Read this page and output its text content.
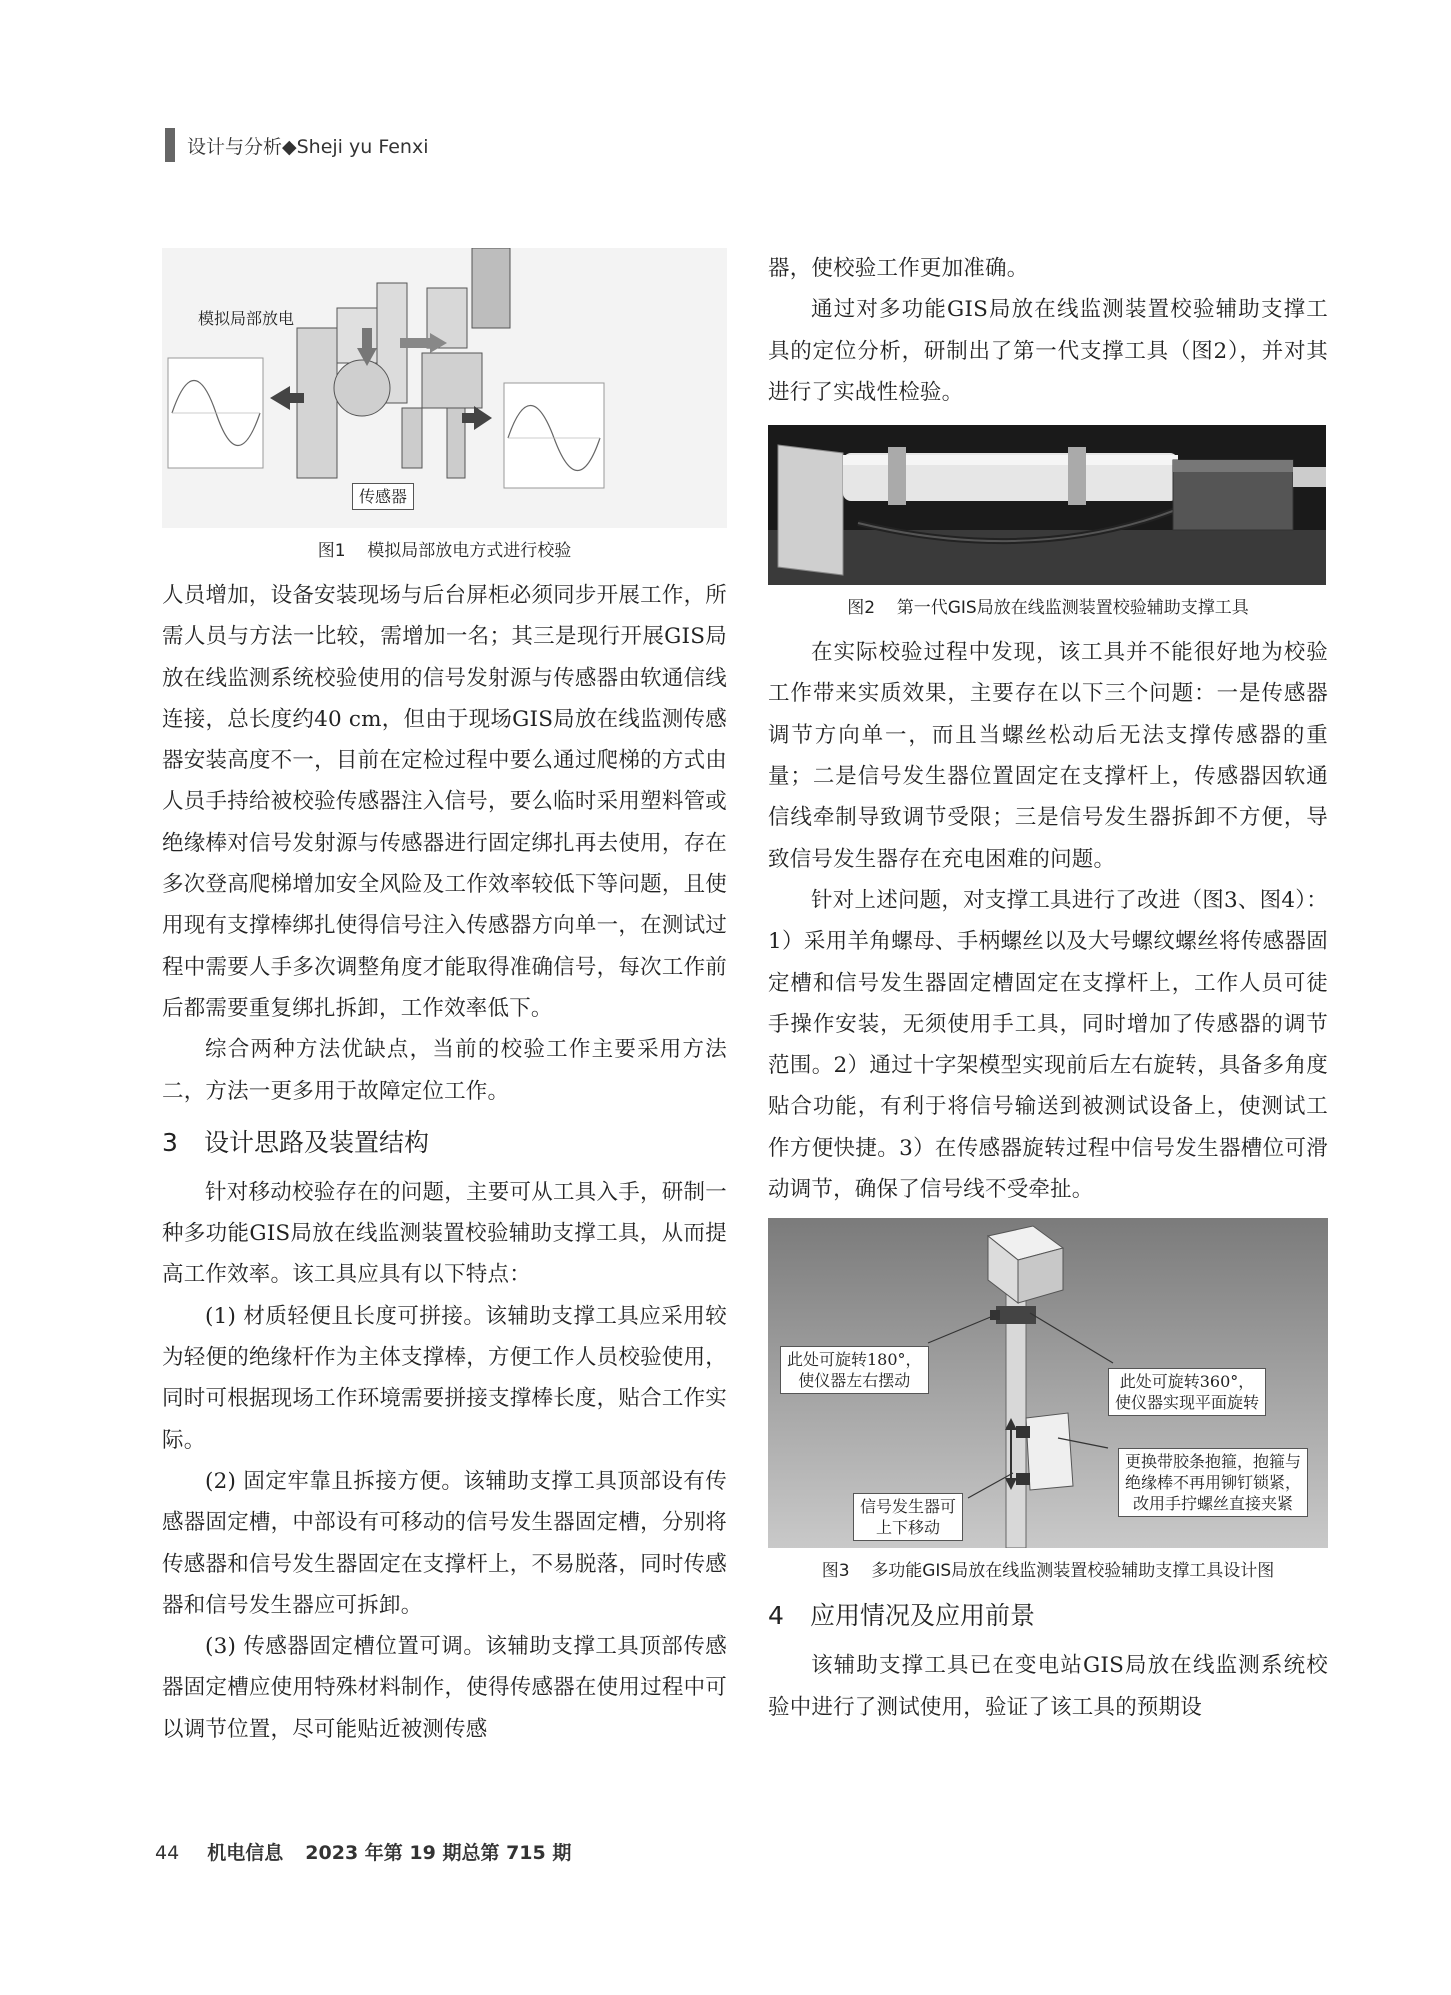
设计与分析◆Sheji yu Fenxi
模拟局部放电
传感器
图1 模拟局部放电方式进行校验

人员增加，设备安装现场与后台屏柜必须同步开展工作，所需人员与方法一比较，需增加一名；其三是现行开展GIS局放在线监测系统校验使用的信号发射源与传感器由软通信线连接，总长度约40 cm，但由于现场GIS局放在线监测传感器安装高度不一，目前在定检过程中要么通过爬梯的方式由人员手持给被校验传感器注入信号，要么临时采用塑料管或绝缘棒对信号发射源与传感器进行固定绑扎再去使用，存在多次登高爬梯增加安全风险及工作效率较低下等问题，且使用现有支撑棒绑扎使得信号注入传感器方向单一，在测试过程中需要人手多次调整角度才能取得准确信号，每次工作前后都需要重复绑扎拆卸，工作效率低下。

综合两种方法优缺点，当前的校验工作主要采用方法二，方法一更多用于故障定位工作。

3 设计思路及装置结构

针对移动校验存在的问题，主要可从工具入手，研制一种多功能GIS局放在线监测装置校验辅助支撑工具，从而提高工作效率。该工具应具有以下特点：

(1) 材质轻便且长度可拼接。该辅助支撑工具应采用较为轻便的绝缘杆作为主体支撑棒，方便工作人员校验使用，同时可根据现场工作环境需要拼接支撑棒长度，贴合工作实际。

(2) 固定牢靠且拆接方便。该辅助支撑工具顶部设有传感器固定槽，中部设有可移动的信号发生器固定槽，分别将传感器和信号发生器固定在支撑杆上，不易脱落，同时传感器和信号发生器应可拆卸。

(3) 传感器固定槽位置可调。该辅助支撑工具顶部传感器固定槽应使用特殊材料制作，使得传感器在使用过程中可以调节位置，尽可能贴近被测传感

器，使校验工作更加准确。

通过对多功能GIS局放在线监测装置校验辅助支撑工具的定位分析，研制出了第一代支撑工具（图2），并对其进行了实战性检验。

图2 第一代GIS局放在线监测装置校验辅助支撑工具

在实际校验过程中发现，该工具并不能很好地为校验工作带来实质效果，主要存在以下三个问题：一是传感器调节方向单一，而且当螺丝松动后无法支撑传感器的重量；二是信号发生器位置固定在支撑杆上，传感器因软通信线牵制导致调节受限；三是信号发生器拆卸不方便，导致信号发生器存在充电困难的问题。

针对上述问题，对支撑工具进行了改进（图3、图4）：1）采用羊角螺母、手柄螺丝以及大号螺纹螺丝将传感器固定槽和信号发生器固定槽固定在支撑杆上，工作人员可徒手操作安装，无须使用手工具，同时增加了传感器的调节范围。2）通过十字架模型实现前后左右旋转，具备多角度贴合功能，有利于将信号输送到被测试设备上，使测试工作方便快捷。3）在传感器旋转过程中信号发生器槽位可滑动调节，确保了信号线不受牵扯。

此处可旋转180°，
使仪器左右摆动	此处可旋转360°，
使仪器实现平面旋转
更换带胶条抱箍，抱箍与
绝缘棒不再用铆钉锁紧，
改用手拧螺丝直接夹紧
信号发生器可
上下移动
图3 多功能GIS局放在线监测装置校验辅助支撑工具设计图
4 应用情况及应用前景

该辅助支撑工具已在变电站GIS局放在线监测系统校验中进行了测试使用，验证了该工具的预期设

44 机电信息 2023 年第 19 期总第 715 期
